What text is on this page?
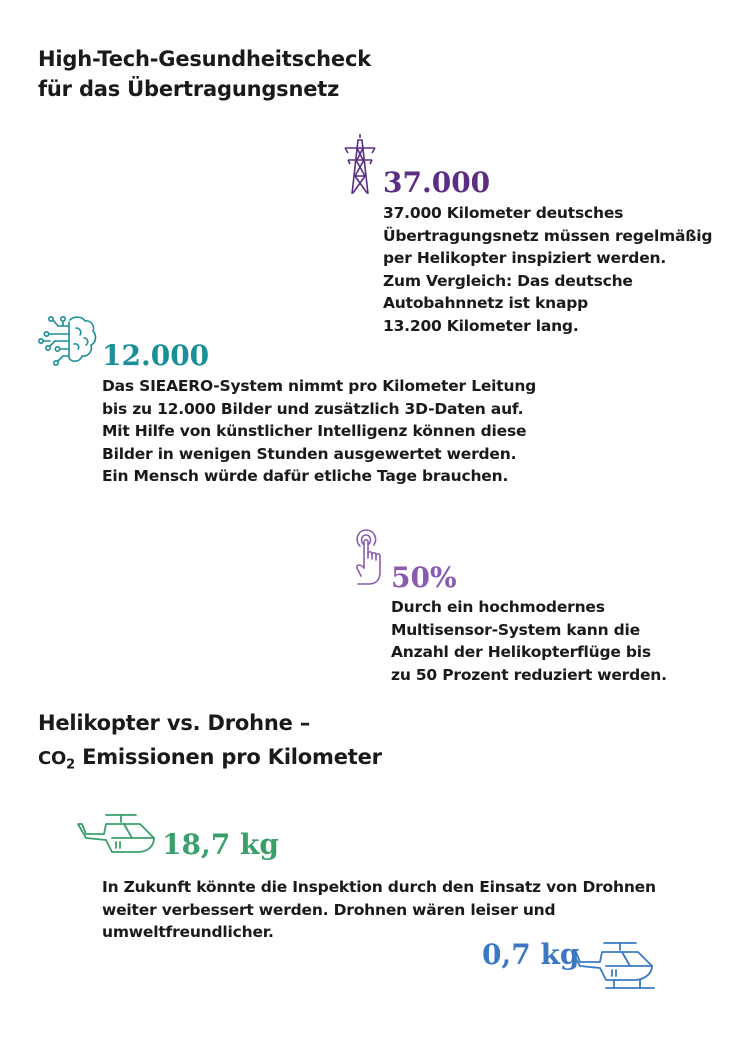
High-Tech-Gesundheitscheck
für das Übertragungsnetz
37.000

37.000 Kilometer deutsches
Übertragungsnetz müssen regelmäßig
per Helikopter inspiziert werden.
Zum Vergleich: Das deutsche
Autobahnnetz ist knapp
13.200 Kilometer lang.

12.000

Das SIEAERO-System nimmt pro Kilometer Leitung
bis zu 12.000 Bilder und zusätzlich 3D-Daten auf.
Mit Hilfe von künstlicher Intelligenz können diese
Bilder in wenigen Stunden ausgewertet werden.
Ein Mensch würde dafür etliche Tage brauchen.

50%

Durch ein hochmodernes
Multisensor-System kann die
Anzahl der Helikopterflüge bis
zu 50 Prozent reduziert werden.

Helikopter vs. Drohne –
$CO_2$ Emissionen pro Kilometer
18,7 kg

In Zukunft könnte die Inspektion durch den Einsatz von Drohnen
weiter verbessert werden. Drohnen wären leiser und
umweltfreundlicher.

0,7 kg
